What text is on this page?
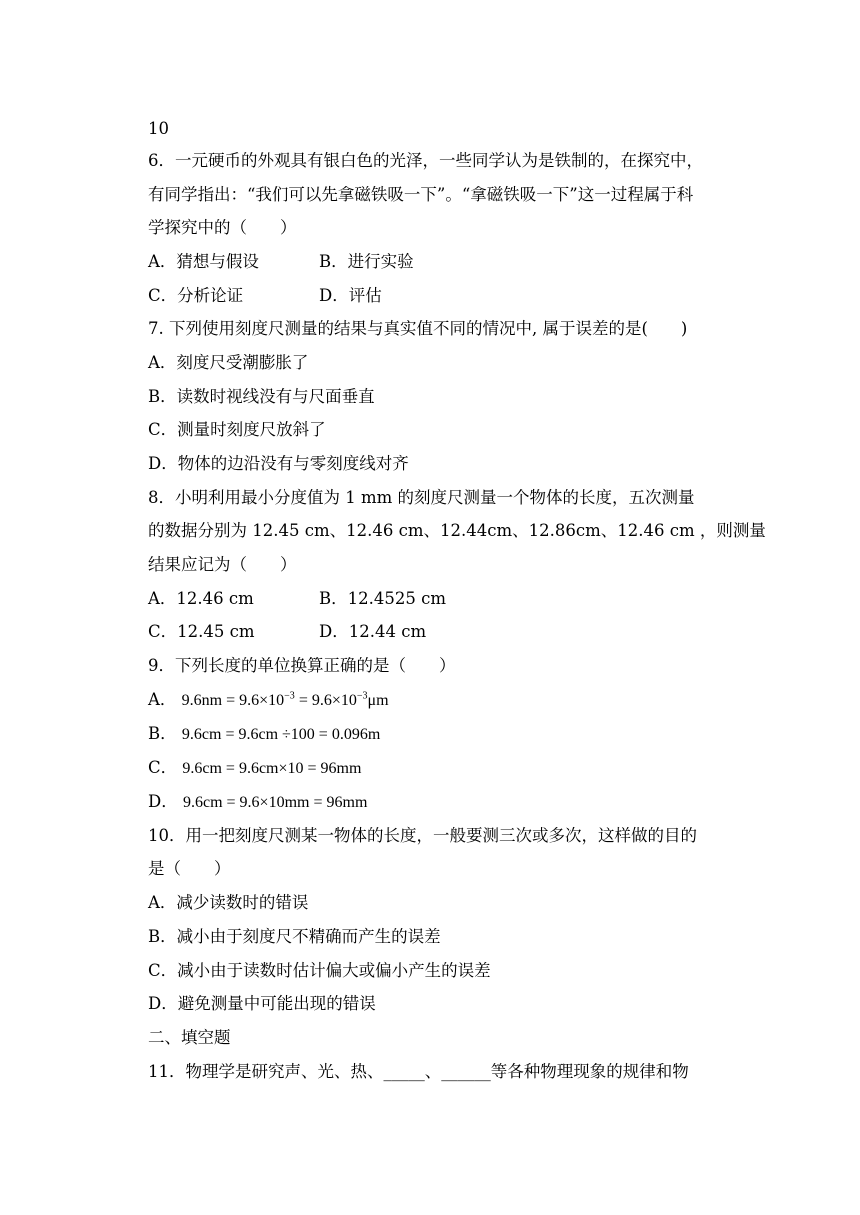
10
6．一元硬币的外观具有银白色的光泽，一些同学认为是铁制的，在探究中，
有同学指出：“我们可以先拿磁铁吸一下”。“拿磁铁吸一下”这一过程属于科
学探究中的（　　）
A．猜想与假设	B．进行实验
C．分析论证	D．评估
7. 下列使用刻度尺测量的结果与真实值不同的情况中, 属于误差的是(　　)
A．刻度尺受潮膨胀了
B．读数时视线没有与尺面垂直
C．测量时刻度尺放斜了
D．物体的边沿没有与零刻度线对齐
8．小明利用最小分度值为 1 mm 的刻度尺测量一个物体的长度，五次测量
的数据分别为 12.45 cm、12.46 cm、12.44cm、12.86cm、12.46 cm ，则测量
结果应记为（　　）
A．12.46 cm	B．12.4525 cm
C．12.45 cm	D．12.44 cm
9．下列长度的单位换算正确的是（　　）
A． $9.6nm = 9.6\times 10^{-3} = 9.6\times 10^{-3}\mu m$
B． 9.6cm = 9.6cm ÷100 = 0.096m
C． 9.6cm = 9.6cm×10 = 96mm
D． 9.6cm = 9.6×10mm = 96mm
10．用一把刻度尺测某一物体的长度，一般要测三次或多次，这样做的目的
是（　　）
A．减少读数时的错误
B．减小由于刻度尺不精确而产生的误差
C．减小由于读数时估计偏大或偏小产生的误差
D．避免测量中可能出现的错误
二、填空题
11．物理学是研究声、光、热、_____、______等各种物理现象的规律和物
